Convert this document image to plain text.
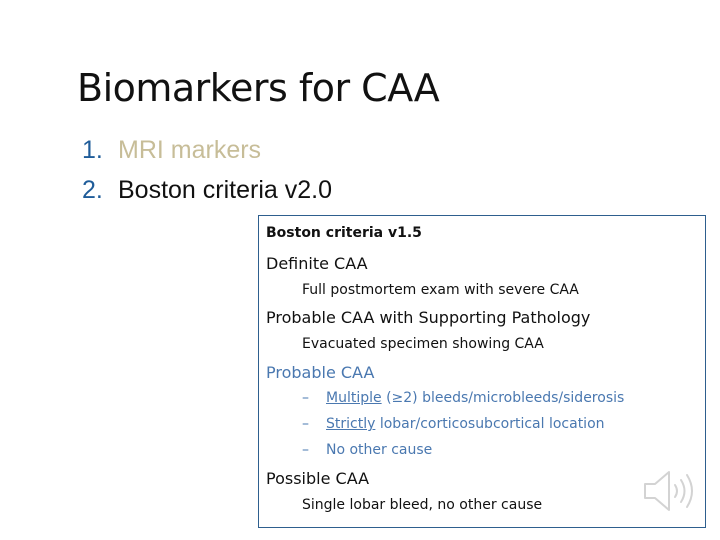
Biomarkers for CAA
1. MRI markers
2. Boston criteria v2.0
Boston criteria v1.5
Definite CAA
Full postmortem exam with severe CAA
Probable CAA with Supporting Pathology
Evacuated specimen showing CAA
Probable CAA
– Multiple (≥2) bleeds/microbleeds/siderosis
– Strictly lobar/corticosubcortical location
– No other cause
Possible CAA
Single lobar bleed, no other cause
